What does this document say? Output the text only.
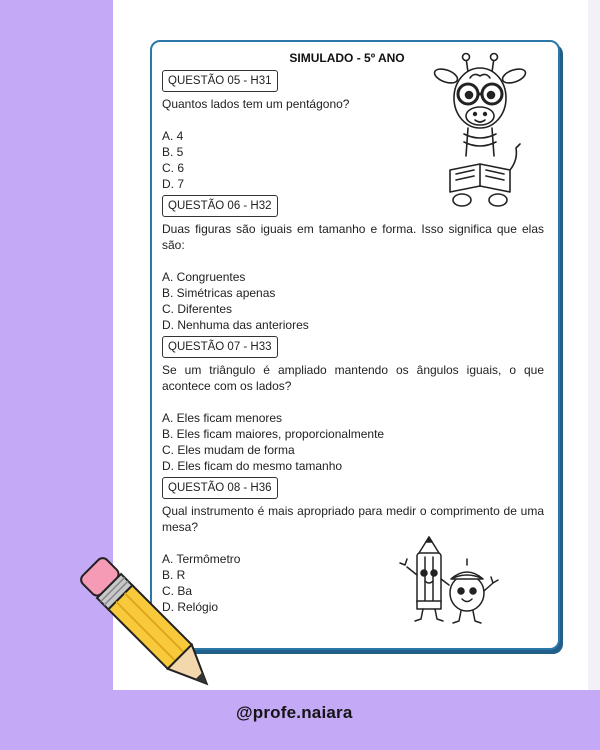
@profe.naiara
SIMULADO - 5º ANO
QUESTÃO 05 - H31
Quantos lados tem um pentágono?
A. 4
B. 5
C. 6
D. 7
QUESTÃO 06 - H32
Duas figuras são iguais em tamanho e forma. Isso significa que elas são:
A. Congruentes
B. Simétricas apenas
C. Diferentes
D. Nenhuma das anteriores
QUESTÃO 07 - H33
Se um triângulo é ampliado mantendo os ângulos iguais, o que acontece com os lados?
A. Eles ficam menores
B. Eles ficam maiores, proporcionalmente
C. Eles mudam de forma
D. Eles ficam do mesmo tamanho
QUESTÃO 08 - H36
Qual instrumento é mais apropriado para medir o comprimento de uma mesa?
A. Termômetro
B. R
C. Ba
D. Relógio
